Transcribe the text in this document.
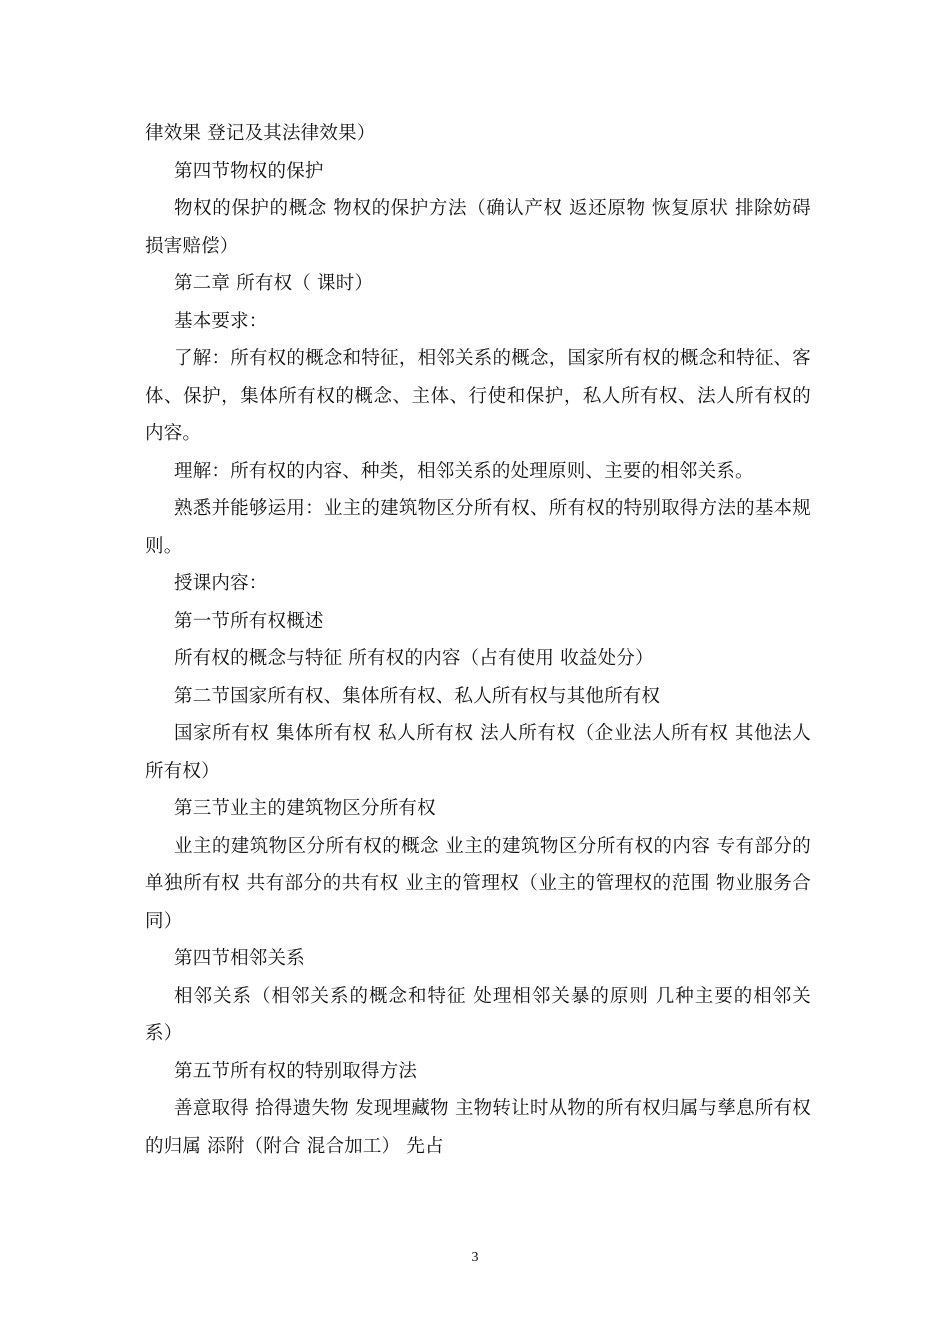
律效果 登记及其法律效果）

第四节物权的保护

物权的保护的概念 物权的保护方法（确认产权 返还原物 恢复原状 排除妨碍 损害赔偿）

第二章 所有权（ 课时）

基本要求：

了解：所有权的概念和特征，相邻关系的概念，国家所有权的概念和特征、客体、保护，集体所有权的概念、主体、行使和保护，私人所有权、法人所有权的内容。

理解：所有权的内容、种类，相邻关系的处理原则、主要的相邻关系。

熟悉并能够运用：业主的建筑物区分所有权、所有权的特别取得方法的基本规则。

授课内容：

第一节所有权概述

所有权的概念与特征 所有权的内容（占有使用 收益处分）

第二节国家所有权、集体所有权、私人所有权与其他所有权

国家所有权 集体所有权 私人所有权 法人所有权（企业法人所有权 其他法人所有权）

第三节业主的建筑物区分所有权

业主的建筑物区分所有权的概念 业主的建筑物区分所有权的内容 专有部分的单独所有权 共有部分的共有权 业主的管理权（业主的管理权的范围 物业服务合同）

第四节相邻关系

相邻关系（相邻关系的概念和特征 处理相邻关暴的原则 几种主要的相邻关系）

第五节所有权的特别取得方法

善意取得 拾得遗失物 发现埋藏物 主物转让时从物的所有权归属与孳息所有权的归属 添附（附合 混合加工） 先占

3
